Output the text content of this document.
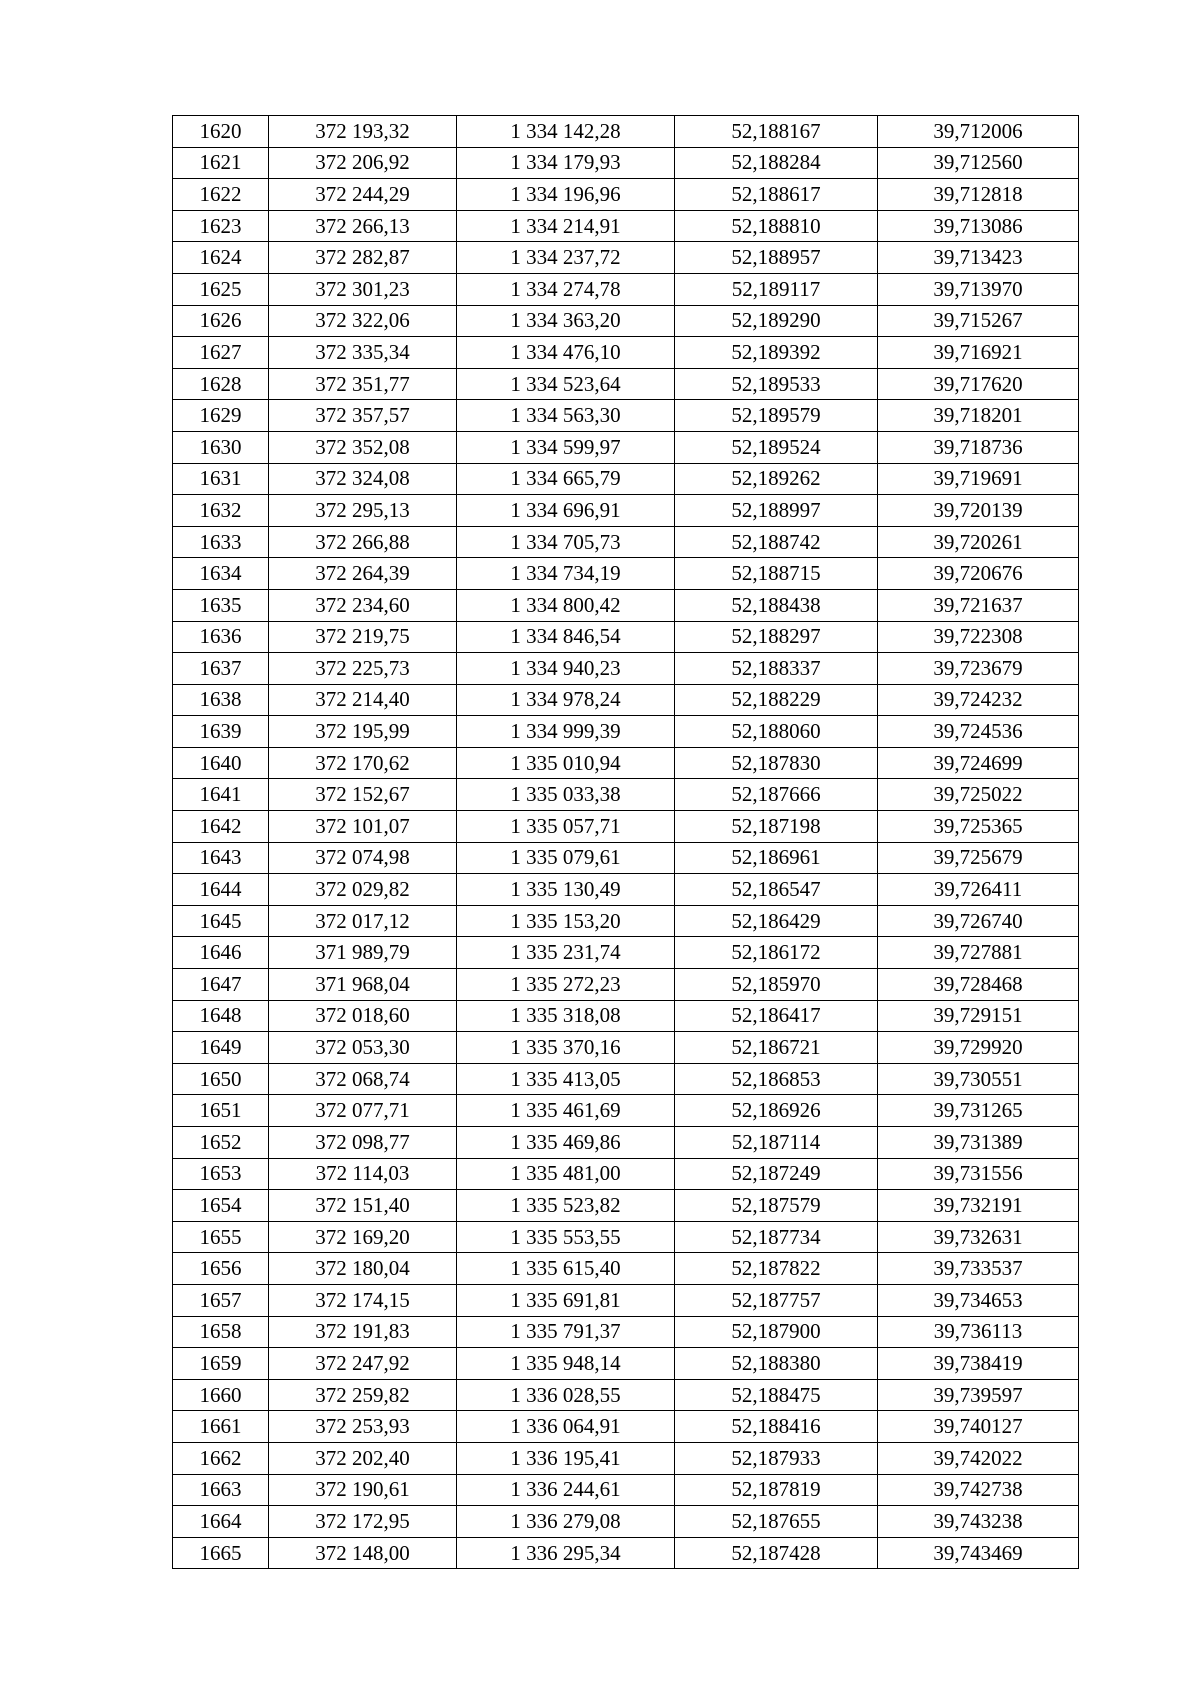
1620	372 193,32	1 334 142,28	52,188167	39,712006
1621	372 206,92	1 334 179,93	52,188284	39,712560
1622	372 244,29	1 334 196,96	52,188617	39,712818
1623	372 266,13	1 334 214,91	52,188810	39,713086
1624	372 282,87	1 334 237,72	52,188957	39,713423
1625	372 301,23	1 334 274,78	52,189117	39,713970
1626	372 322,06	1 334 363,20	52,189290	39,715267
1627	372 335,34	1 334 476,10	52,189392	39,716921
1628	372 351,77	1 334 523,64	52,189533	39,717620
1629	372 357,57	1 334 563,30	52,189579	39,718201
1630	372 352,08	1 334 599,97	52,189524	39,718736
1631	372 324,08	1 334 665,79	52,189262	39,719691
1632	372 295,13	1 334 696,91	52,188997	39,720139
1633	372 266,88	1 334 705,73	52,188742	39,720261
1634	372 264,39	1 334 734,19	52,188715	39,720676
1635	372 234,60	1 334 800,42	52,188438	39,721637
1636	372 219,75	1 334 846,54	52,188297	39,722308
1637	372 225,73	1 334 940,23	52,188337	39,723679
1638	372 214,40	1 334 978,24	52,188229	39,724232
1639	372 195,99	1 334 999,39	52,188060	39,724536
1640	372 170,62	1 335 010,94	52,187830	39,724699
1641	372 152,67	1 335 033,38	52,187666	39,725022
1642	372 101,07	1 335 057,71	52,187198	39,725365
1643	372 074,98	1 335 079,61	52,186961	39,725679
1644	372 029,82	1 335 130,49	52,186547	39,726411
1645	372 017,12	1 335 153,20	52,186429	39,726740
1646	371 989,79	1 335 231,74	52,186172	39,727881
1647	371 968,04	1 335 272,23	52,185970	39,728468
1648	372 018,60	1 335 318,08	52,186417	39,729151
1649	372 053,30	1 335 370,16	52,186721	39,729920
1650	372 068,74	1 335 413,05	52,186853	39,730551
1651	372 077,71	1 335 461,69	52,186926	39,731265
1652	372 098,77	1 335 469,86	52,187114	39,731389
1653	372 114,03	1 335 481,00	52,187249	39,731556
1654	372 151,40	1 335 523,82	52,187579	39,732191
1655	372 169,20	1 335 553,55	52,187734	39,732631
1656	372 180,04	1 335 615,40	52,187822	39,733537
1657	372 174,15	1 335 691,81	52,187757	39,734653
1658	372 191,83	1 335 791,37	52,187900	39,736113
1659	372 247,92	1 335 948,14	52,188380	39,738419
1660	372 259,82	1 336 028,55	52,188475	39,739597
1661	372 253,93	1 336 064,91	52,188416	39,740127
1662	372 202,40	1 336 195,41	52,187933	39,742022
1663	372 190,61	1 336 244,61	52,187819	39,742738
1664	372 172,95	1 336 279,08	52,187655	39,743238
1665	372 148,00	1 336 295,34	52,187428	39,743469
